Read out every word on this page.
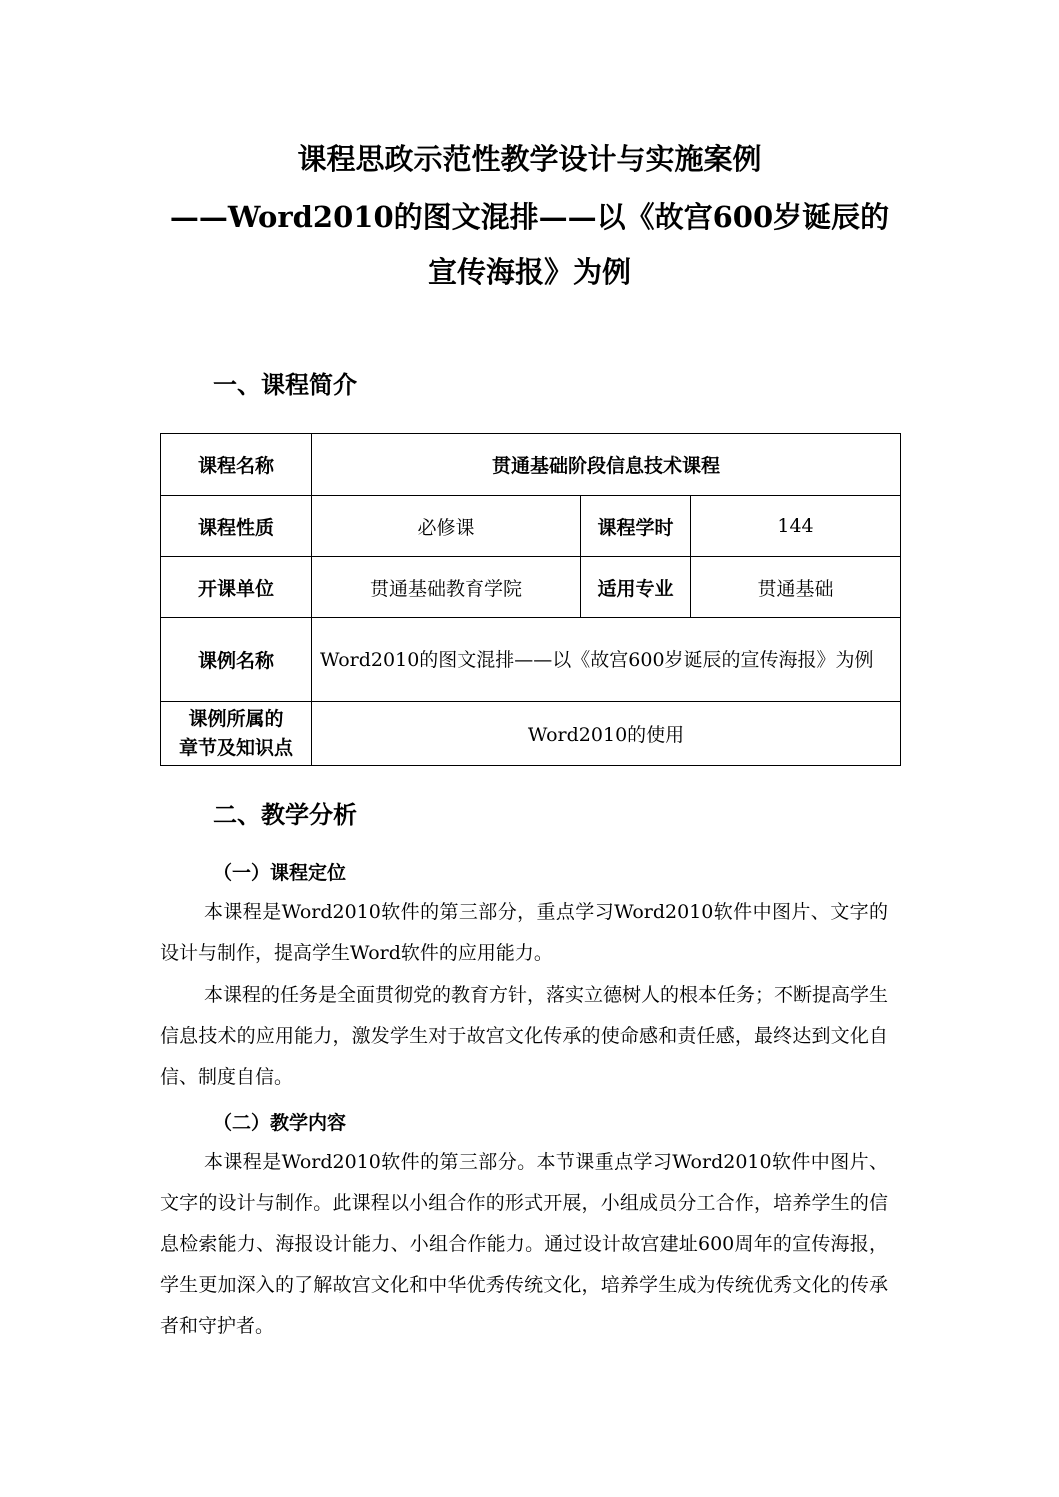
课程思政示范性教学设计与实施案例
——Word2010的图文混排——以《故宫600岁诞辰的
宣传海报》为例
一、课程简介
课程名称	贯通基础阶段信息技术课程		
课程性质	必修课	课程学时	144
开课单位	贯通基础教育学院	适用专业	贯通基础
课例名称	Word2010的图文混排——以《故宫600岁诞辰的宣传海报》为例		

课例所属的
章节及知识点	Word2010的使用		
二、教学分析
（一）课程定位

本课程是Word2010软件的第三部分，重点学习Word2010软件中图片、文字的设计与制作，提高学生Word软件的应用能力。

本课程的任务是全面贯彻党的教育方针，落实立德树人的根本任务；不断提高学生信息技术的应用能力，激发学生对于故宫文化传承的使命感和责任感，最终达到文化自信、制度自信。

（二）教学内容

本课程是Word2010软件的第三部分。本节课重点学习Word2010软件中图片、文字的设计与制作。此课程以小组合作的形式开展，小组成员分工合作，培养学生的信息检索能力、海报设计能力、小组合作能力。通过设计故宫建址600周年的宣传海报，学生更加深入的了解故宫文化和中华优秀传统文化，培养学生成为传统优秀文化的传承者和守护者。
